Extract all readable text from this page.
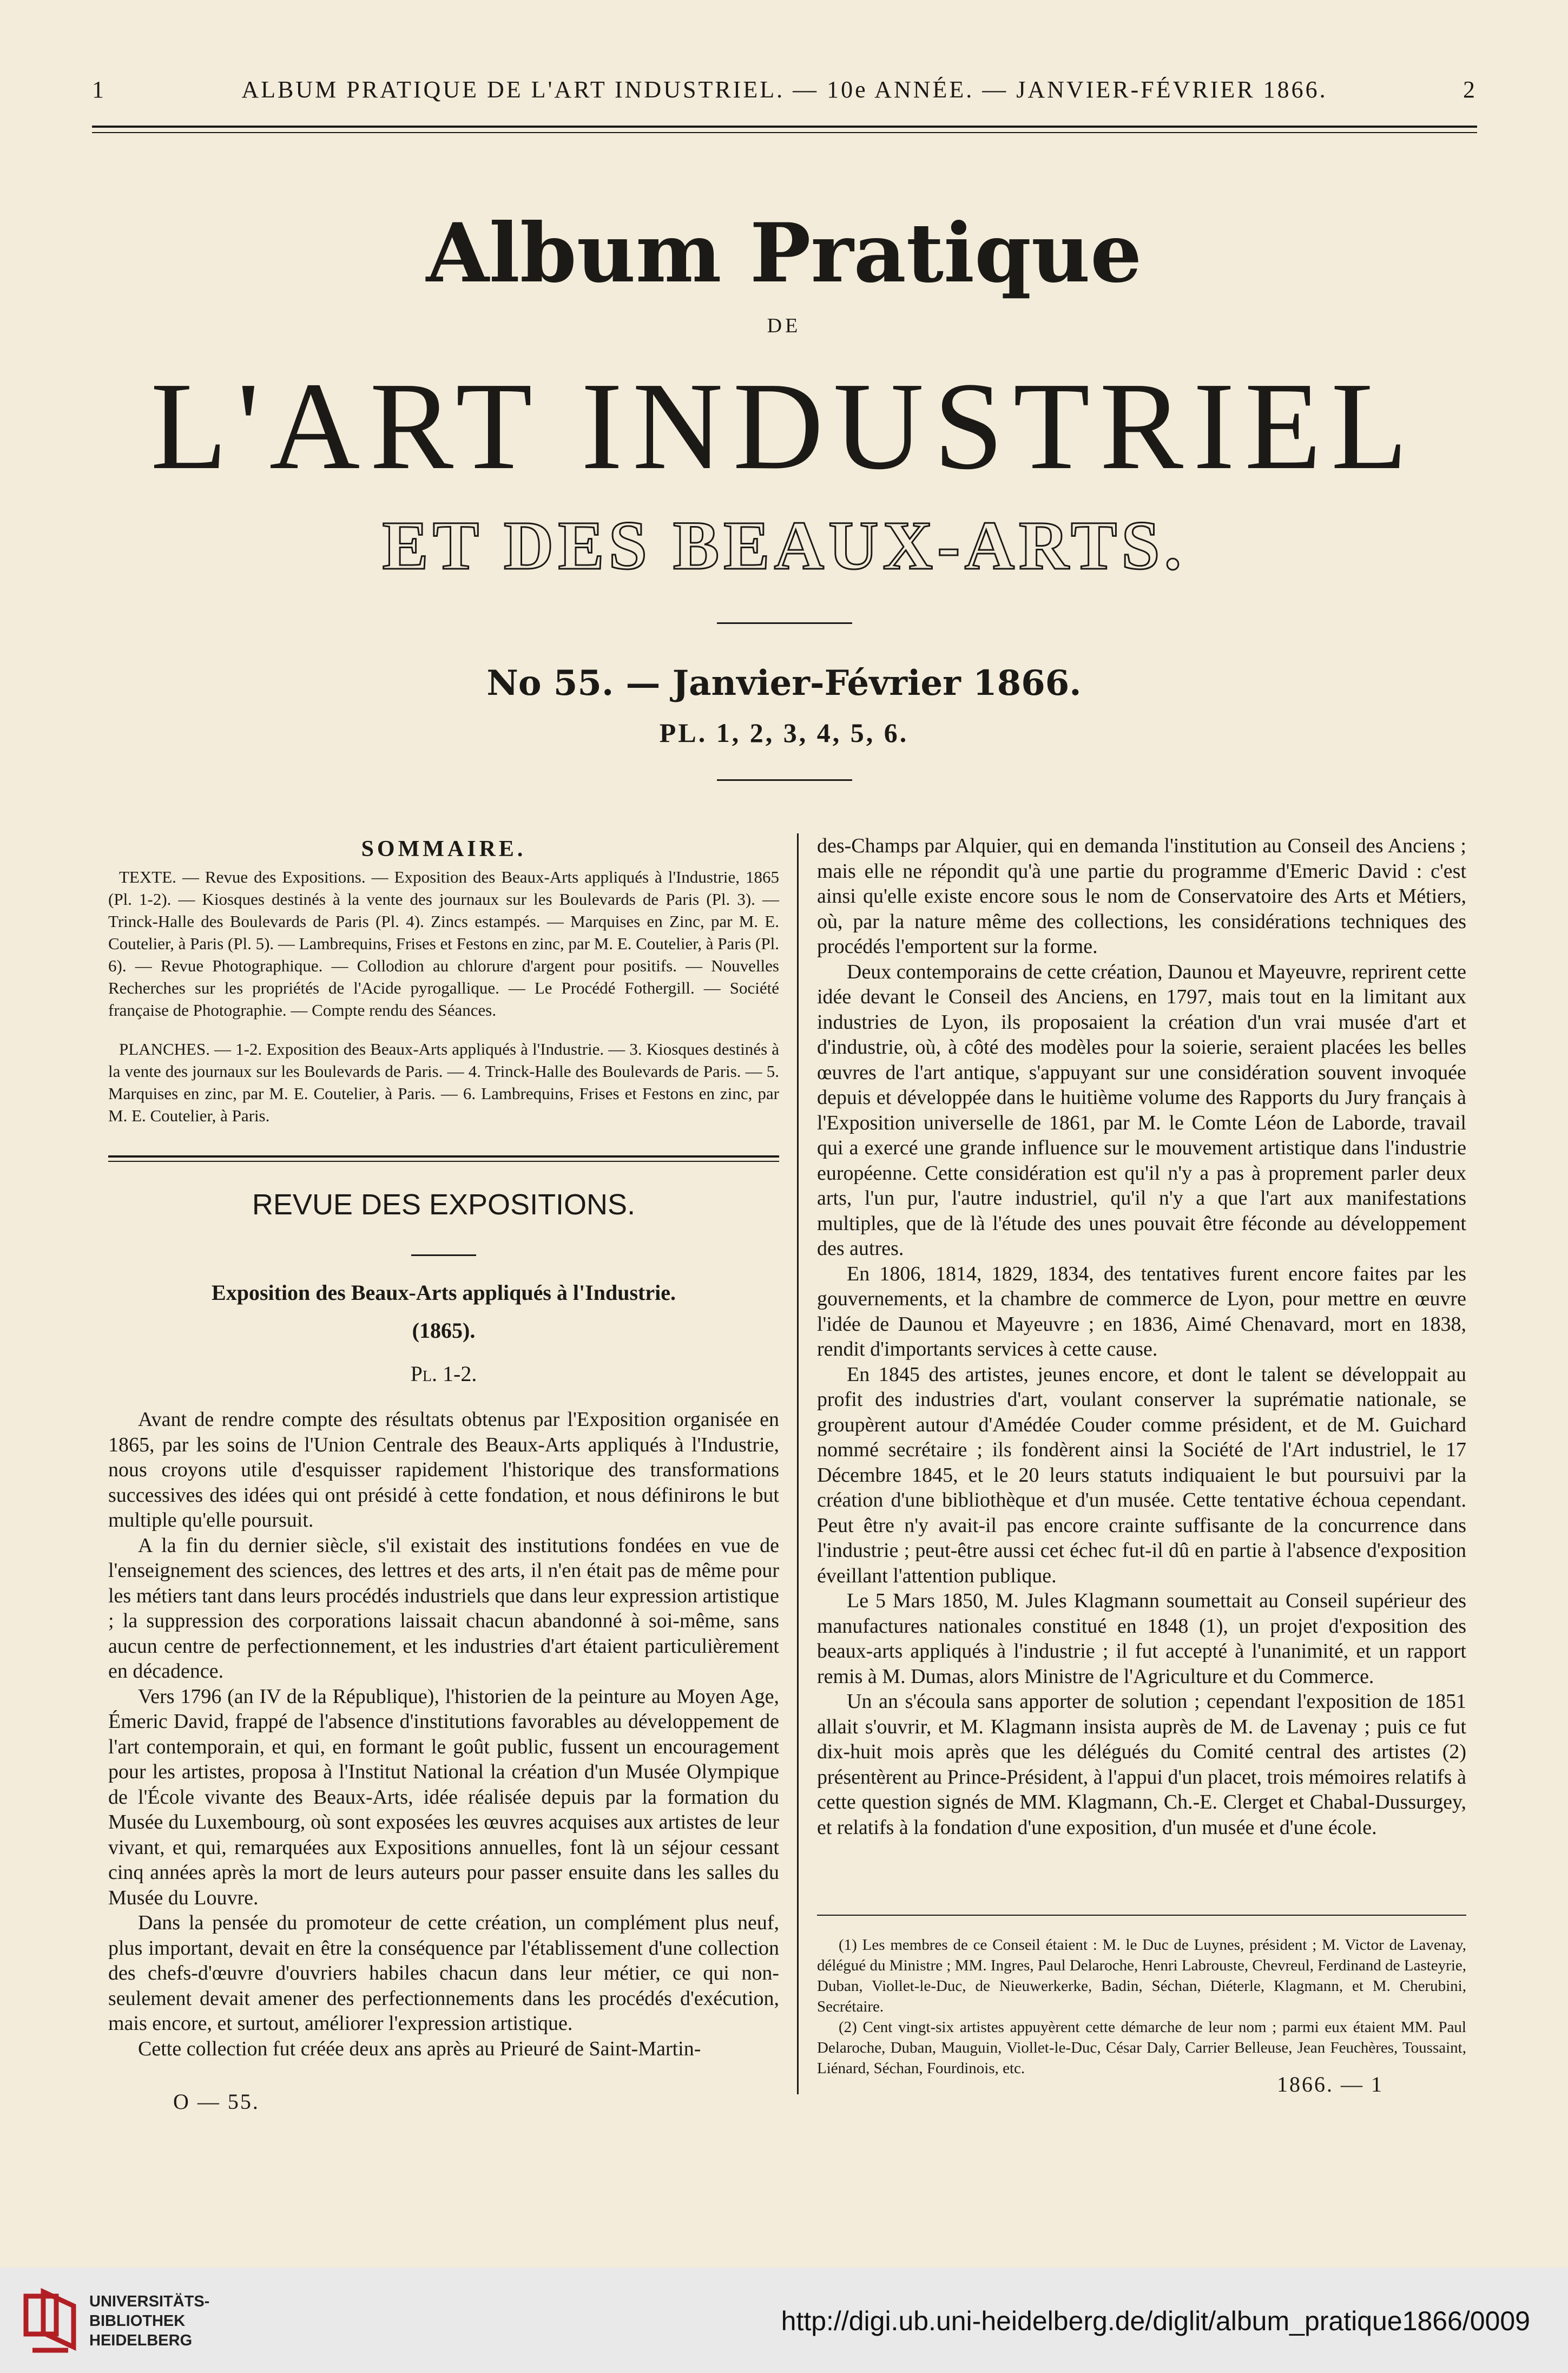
1	ALBUM PRATIQUE DE L'ART INDUSTRIEL. — 10e ANNÉE. — JANVIER-FÉVRIER 1866.	2
Album Pratique
DE
L'ART INDUSTRIEL
ET DES BEAUX-ARTS.
No 55. — Janvier-Février 1866.
PL. 1, 2, 3, 4, 5, 6.
SOMMAIRE.

TEXTE. — Revue des Expositions. — Exposition des Beaux-Arts appliqués à l'Industrie, 1865 (Pl. 1-2). — Kiosques destinés à la vente des journaux sur les Boulevards de Paris (Pl. 3). — Trinck-Halle des Boulevards de Paris (Pl. 4). Zincs estampés. — Marquises en Zinc, par M. E. Coutelier, à Paris (Pl. 5). — Lambrequins, Frises et Festons en zinc, par M. E. Coutelier, à Paris (Pl. 6). — Revue Photographique. — Collodion au chlorure d'argent pour positifs. — Nouvelles Recherches sur les propriétés de l'Acide pyrogallique. — Le Procédé Fothergill. — Société française de Photographie. — Compte rendu des Séances.

PLANCHES. — 1-2. Exposition des Beaux-Arts appliqués à l'Industrie. — 3. Kiosques destinés à la vente des journaux sur les Boulevards de Paris. — 4. Trinck-Halle des Boulevards de Paris. — 5. Marquises en zinc, par M. E. Coutelier, à Paris. — 6. Lambrequins, Frises et Festons en zinc, par M. E. Coutelier, à Paris.

REVUE DES EXPOSITIONS.
Exposition des Beaux-Arts appliqués à l'Industrie.
(1865).
Pl. 1-2.

Avant de rendre compte des résultats obtenus par l'Exposition organisée en 1865, par les soins de l'Union Centrale des Beaux-Arts appliqués à l'Industrie, nous croyons utile d'esquisser rapidement l'historique des transformations successives des idées qui ont présidé à cette fondation, et nous définirons le but multiple qu'elle poursuit.

A la fin du dernier siècle, s'il existait des institutions fondées en vue de l'enseignement des sciences, des lettres et des arts, il n'en était pas de même pour les métiers tant dans leurs procédés industriels que dans leur expression artistique ; la suppression des corporations laissait chacun abandonné à soi-même, sans aucun centre de perfectionnement, et les industries d'art étaient particulièrement en décadence.

Vers 1796 (an IV de la République), l'historien de la peinture au Moyen Age, Émeric David, frappé de l'absence d'institutions favorables au développement de l'art contemporain, et qui, en formant le goût public, fussent un encouragement pour les artistes, proposa à l'Institut National la création d'un Musée Olympique de l'École vivante des Beaux-Arts, idée réalisée depuis par la formation du Musée du Luxembourg, où sont exposées les œuvres acquises aux artistes de leur vivant, et qui, remarquées aux Expositions annuelles, font là un séjour cessant cinq années après la mort de leurs auteurs pour passer ensuite dans les salles du Musée du Louvre.

Dans la pensée du promoteur de cette création, un complément plus neuf, plus important, devait en être la conséquence par l'établissement d'une collection des chefs-d'œuvre d'ouvriers habiles chacun dans leur métier, ce qui non-seulement devait amener des perfectionnements dans les procédés d'exécution, mais encore, et surtout, améliorer l'expression artistique.

Cette collection fut créée deux ans après au Prieuré de Saint-Martin-

O — 55.

des-Champs par Alquier, qui en demanda l'institution au Conseil des Anciens ; mais elle ne répondit qu'à une partie du programme d'Emeric David : c'est ainsi qu'elle existe encore sous le nom de Conservatoire des Arts et Métiers, où, par la nature même des collections, les considérations techniques des procédés l'emportent sur la forme.

Deux contemporains de cette création, Daunou et Mayeuvre, reprirent cette idée devant le Conseil des Anciens, en 1797, mais tout en la limitant aux industries de Lyon, ils proposaient la création d'un vrai musée d'art et d'industrie, où, à côté des modèles pour la soierie, seraient placées les belles œuvres de l'art antique, s'appuyant sur une considération souvent invoquée depuis et développée dans le huitième volume des Rapports du Jury français à l'Exposition universelle de 1861, par M. le Comte Léon de Laborde, travail qui a exercé une grande influence sur le mouvement artistique dans l'industrie européenne. Cette considération est qu'il n'y a pas à proprement parler deux arts, l'un pur, l'autre industriel, qu'il n'y a que l'art aux manifestations multiples, que de là l'étude des unes pouvait être féconde au développement des autres.

En 1806, 1814, 1829, 1834, des tentatives furent encore faites par les gouvernements, et la chambre de commerce de Lyon, pour mettre en œuvre l'idée de Daunou et Mayeuvre ; en 1836, Aimé Chenavard, mort en 1838, rendit d'importants services à cette cause.

En 1845 des artistes, jeunes encore, et dont le talent se développait au profit des industries d'art, voulant conserver la suprématie nationale, se groupèrent autour d'Amédée Couder comme président, et de M. Guichard nommé secrétaire ; ils fondèrent ainsi la Société de l'Art industriel, le 17 Décembre 1845, et le 20 leurs statuts indiquaient le but poursuivi par la création d'une bibliothèque et d'un musée. Cette tentative échoua cependant. Peut être n'y avait-il pas encore crainte suffisante de la concurrence dans l'industrie ; peut-être aussi cet échec fut-il dû en partie à l'absence d'exposition éveillant l'attention publique.

Le 5 Mars 1850, M. Jules Klagmann soumettait au Conseil supérieur des manufactures nationales constitué en 1848 (1), un projet d'exposition des beaux-arts appliqués à l'industrie ; il fut accepté à l'unanimité, et un rapport remis à M. Dumas, alors Ministre de l'Agriculture et du Commerce.

Un an s'écoula sans apporter de solution ; cependant l'exposition de 1851 allait s'ouvrir, et M. Klagmann insista auprès de M. de Lavenay ; puis ce fut dix-huit mois après que les délégués du Comité central des artistes (2) présentèrent au Prince-Président, à l'appui d'un placet, trois mémoires relatifs à cette question signés de MM. Klagmann, Ch.-E. Clerget et Chabal-Dussurgey, et relatifs à la fondation d'une exposition, d'un musée et d'une école.

(1) Les membres de ce Conseil étaient : M. le Duc de Luynes, président ; M. Victor de Lavenay, délégué du Ministre ; MM. Ingres, Paul Delaroche, Henri Labrouste, Chevreul, Ferdinand de Lasteyrie, Duban, Viollet-le-Duc, de Nieuwerkerke, Badin, Séchan, Diéterle, Klagmann, et M. Cherubini, Secrétaire.

(2) Cent vingt-six artistes appuyèrent cette démarche de leur nom ; parmi eux étaient MM. Paul Delaroche, Duban, Mauguin, Viollet-le-Duc, César Daly, Carrier Belleuse, Jean Feuchères, Toussaint, Liénard, Séchan, Fourdinois, etc.

1866. — 1
UNIVERSITÄTS-
BIBLIOTHEK
HEIDELBERG
http://digi.ub.uni-heidelberg.de/diglit/album_pratique1866/0009
